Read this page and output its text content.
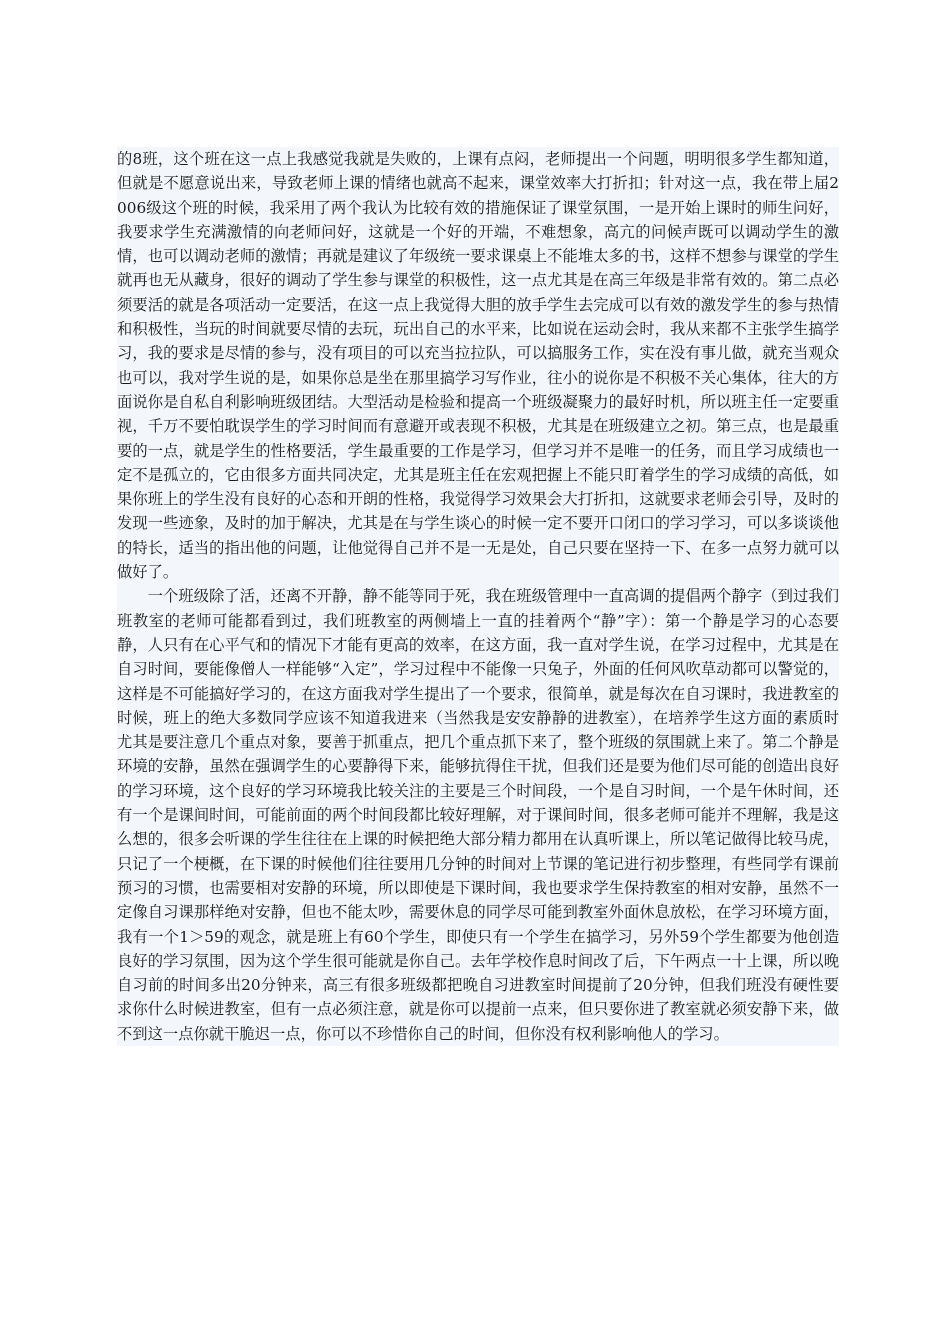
的8班，这个班在这一点上我感觉我就是失败的，上课有点闷，老师提出一个问题，明明很多学生都知道，但就是不愿意说出来，导致老师上课的情绪也就高不起来，课堂效率大打折扣；针对这一点，我在带上届2006级这个班的时候，我采用了两个我认为比较有效的措施保证了课堂氛围，一是开始上课时的师生问好，我要求学生充满激情的向老师问好，这就是一个好的开端，不难想象，高亢的问候声既可以调动学生的激情，也可以调动老师的激情；再就是建议了年级统一要求课桌上不能堆太多的书，这样不想参与课堂的学生就再也无从藏身，很好的调动了学生参与课堂的积极性，这一点尤其是在高三年级是非常有效的。第二点必须要活的就是各项活动一定要活，在这一点上我觉得大胆的放手学生去完成可以有效的激发学生的参与热情和积极性，当玩的时间就要尽情的去玩，玩出自己的水平来，比如说在运动会时，我从来都不主张学生搞学习，我的要求是尽情的参与，没有项目的可以充当拉拉队，可以搞服务工作，实在没有事儿做，就充当观众也可以，我对学生说的是，如果你总是坐在那里搞学习写作业，往小的说你是不积极不关心集体，往大的方面说你是自私自利影响班级团结。大型活动是检验和提高一个班级凝聚力的最好时机，所以班主任一定要重视，千万不要怕耽误学生的学习时间而有意避开或表现不积极，尤其是在班级建立之初。第三点，也是最重要的一点，就是学生的性格要活，学生最重要的工作是学习，但学习并不是唯一的任务，而且学习成绩也一定不是孤立的，它由很多方面共同决定，尤其是班主任在宏观把握上不能只盯着学生的学习成绩的高低，如果你班上的学生没有良好的心态和开朗的性格，我觉得学习效果会大打折扣，这就要求老师会引导，及时的发现一些迹象，及时的加于解决，尤其是在与学生谈心的时候一定不要开口闭口的学习学习，可以多谈谈他的特长，适当的指出他的问题，让他觉得自己并不是一无是处，自己只要在坚持一下、在多一点努力就可以做好了。

一个班级除了活，还离不开静，静不能等同于死，我在班级管理中一直高调的提倡两个静字（到过我们班教室的老师可能都看到过，我们班教室的两侧墙上一直的挂着两个“静”字）：第一个静是学习的心态要静，人只有在心平气和的情况下才能有更高的效率，在这方面，我一直对学生说，在学习过程中，尤其是在自习时间，要能像僧人一样能够“入定”，学习过程中不能像一只兔子，外面的任何风吹草动都可以警觉的，这样是不可能搞好学习的，在这方面我对学生提出了一个要求，很简单，就是每次在自习课时，我进教室的时候，班上的绝大多数同学应该不知道我进来（当然我是安安静静的进教室），在培养学生这方面的素质时尤其是要注意几个重点对象，要善于抓重点，把几个重点抓下来了，整个班级的氛围就上来了。第二个静是环境的安静，虽然在强调学生的心要静得下来，能够抗得住干扰，但我们还是要为他们尽可能的创造出良好的学习环境，这个良好的学习环境我比较关注的主要是三个时间段，一个是自习时间，一个是午休时间，还有一个是课间时间，可能前面的两个时间段都比较好理解，对于课间时间，很多老师可能并不理解，我是这么想的，很多会听课的学生往往在上课的时候把绝大部分精力都用在认真听课上，所以笔记做得比较马虎，只记了一个梗概，在下课的时候他们往往要用几分钟的时间对上节课的笔记进行初步整理，有些同学有课前预习的习惯，也需要相对安静的环境，所以即使是下课时间，我也要求学生保持教室的相对安静，虽然不一定像自习课那样绝对安静，但也不能太吵，需要休息的同学尽可能到教室外面休息放松，在学习环境方面，我有一个1＞59的观念，就是班上有60个学生，即使只有一个学生在搞学习，另外59个学生都要为他创造良好的学习氛围，因为这个学生很可能就是你自己。去年学校作息时间改了后，下午两点一十上课，所以晚自习前的时间多出20分钟来，高三有很多班级都把晚自习进教室时间提前了20分钟，但我们班没有硬性要求你什么时候进教室，但有一点必须注意，就是你可以提前一点来，但只要你进了教室就必须安静下来，做不到这一点你就干脆迟一点，你可以不珍惜你自己的时间，但你没有权利影响他人的学习。
